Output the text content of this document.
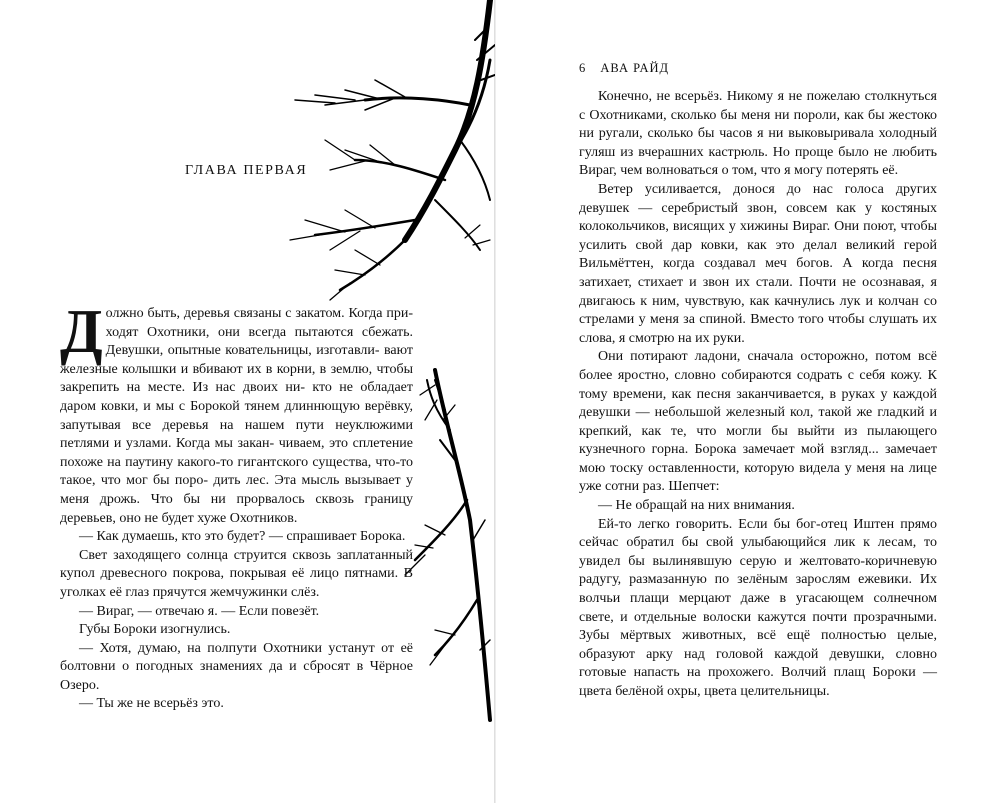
ГЛАВА ПЕРВАЯ

Д олжно быть, деревья связаны с закатом. Когда при- ходят Охотники, они всегда пытаются сбежать. Девушки, опытные ковательницы, изготавли- вают железные колышки и вбивают их в корни, в землю, чтобы закрепить на месте. Из нас двоих ни- кто не обладает даром ковки, и мы с Борокой тянем длиннющую верёвку, запутывая все деревья на нашем пути неуклюжими петлями и узлами. Когда мы закан- чиваем, это сплетение похоже на паутину какого-то гигантского существа, что-то такое, что мог бы поро- дить лес. Эта мысль вызывает у меня дрожь. Что бы ни прорвалось сквозь границу деревьев, оно не будет хуже Охотников.

— Как думаешь, кто это будет? — спрашивает Борока.

Свет заходящего солнца струится сквозь заплатанный купол древесного покрова, покрывая её лицо пятнами. В уголках её глаз прячутся жемчужинки слёз.

— Вираг, — отвечаю я. — Если повезёт.

Губы Бороки изогнулись.

— Хотя, думаю, на полпути Охотники устанут от её болтовни о погодных знамениях да и сбросят в Чёрное Озеро.

— Ты же не всерьёз это.

6 АВА РАЙД

Конечно, не всерьёз. Никому я не пожелаю столкнуться с Охотниками, сколько бы меня ни пороли, как бы жестоко ни ругали, сколько бы часов я ни выковыривала холодный гуляш из вчерашних кастрюль. Но проще было не любить Вираг, чем волноваться о том, что я могу потерять её.

Ветер усиливается, донося до нас голоса других девушек — серебристый звон, совсем как у костяных колокольчиков, висящих у хижины Вираг. Они поют, чтобы усилить свой дар ковки, как это делал великий герой Вильмёттен, когда создавал меч богов. А когда песня затихает, стихает и звон их стали. Почти не осознавая, я двигаюсь к ним, чувствую, как качнулись лук и колчан со стрелами у меня за спиной. Вместо того чтобы слушать их слова, я смотрю на их руки.

Они потирают ладони, сначала осторожно, потом всё более яростно, словно собираются содрать с себя кожу. К тому времени, как песня заканчивается, в руках у каждой девушки — небольшой железный кол, такой же гладкий и крепкий, как те, что могли бы выйти из пылающего кузнечного горна. Борока замечает мой взгляд... замечает мою тоску оставленности, которую видела у меня на лице уже сотни раз. Шепчет:

— Не обращай на них внимания.

Ей-то легко говорить. Если бы бог-отец Иштен прямо сейчас обратил бы свой улыбающийся лик к лесам, то увидел бы вылинявшую серую и желтовато-коричневую радугу, размазанную по зелёным зарослям ежевики. Их волчьи плащи мерцают даже в угасающем солнечном свете, и отдельные волоски кажутся почти прозрачными. Зубы мёртвых животных, всё ещё полностью целые, образуют арку над головой каждой девушки, словно готовые напасть на прохожего. Волчий плащ Бороки — цвета белёной охры, цвета целительницы.
